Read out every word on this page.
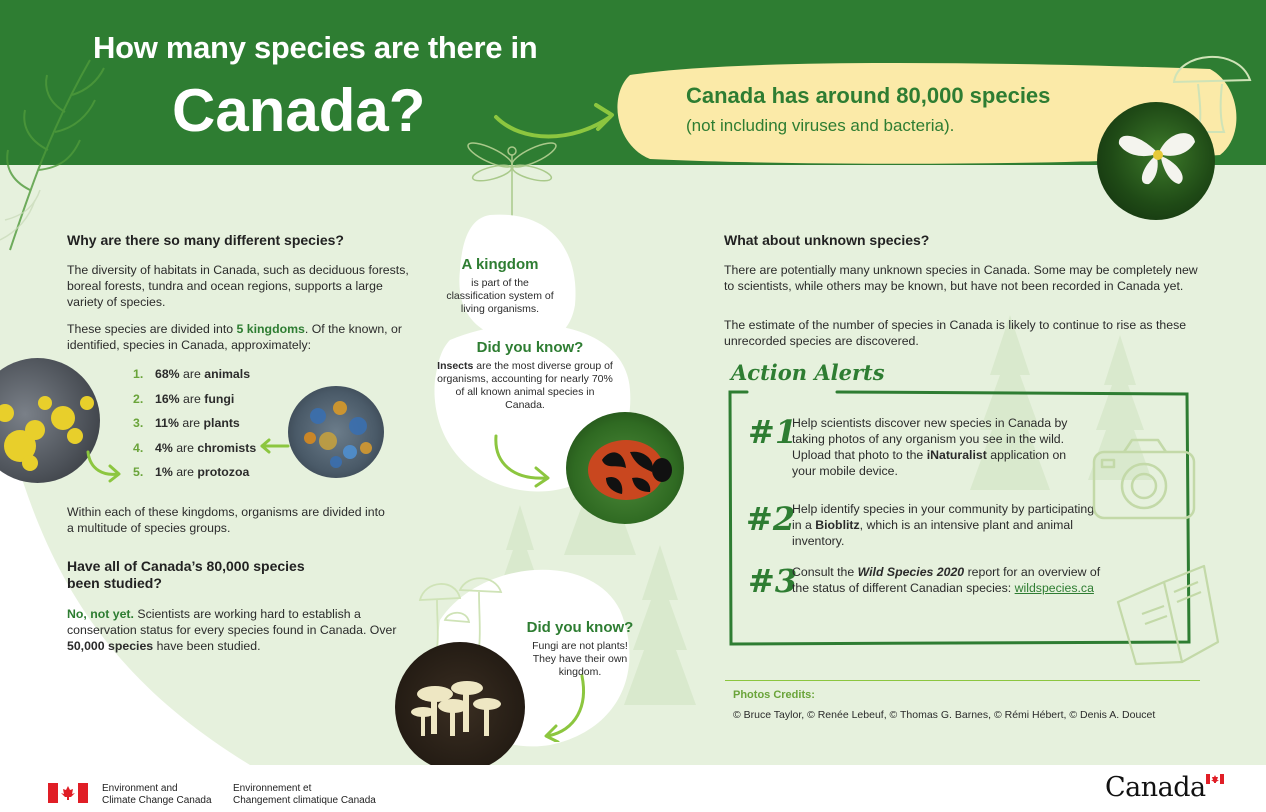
How many species are there in
Canada?	Canada has around 80,000 species
(not including viruses and bacteria).
Why are there so many different species?

The diversity of habitats in Canada, such as deciduous forests, boreal forests, tundra and ocean regions, supports a large variety of species.

These species are divided into 5 kingdoms. Of the known, or identified, species in Canada, approximately:

1. 68% are animals
2. 16% are fungi
3. 11% are plants
4. 4% are chromists
5. 1% are protozoa

Within each of these kingdoms, organisms are divided into a multitude of species groups.

Have all of Canada’s 80,000 species
been studied?

No, not yet. Scientists are working hard to establish a conservation status for every species found in Canada. Over 50,000 species have been studied.

A kingdom
is part of the classification system of living organisms.
Did you know?
Insects are the most diverse group of organisms, accounting for nearly 70% of all known animal species in Canada.
Did you know?
Fungi are not plants! They have their own kingdom.
What about unknown species?

There are potentially many unknown species in Canada. Some may be completely new to scientists, while others may be known, but have not been recorded in Canada yet.

The estimate of the number of species in Canada is likely to continue to rise as these unrecorded species are discovered.

Action Alerts
#1

Help scientists discover new species in Canada by taking photos of any organism you see in the wild. Upload that photo to the iNaturalist application on your mobile device.

#2

Help identify species in your community by participating in a Bioblitz, which is an intensive plant and animal inventory.

#3

Consult the Wild Species 2020 report for an overview of the status of different Canadian species: wildspecies.ca

Photos Credits:
© Bruce Taylor, © Renée Lebeuf, © Thomas G. Barnes, © Rémi Hébert, © Denis A. Doucet
Environment and
Climate Change Canada
Environnement et
Changement climatique Canada	Canada
